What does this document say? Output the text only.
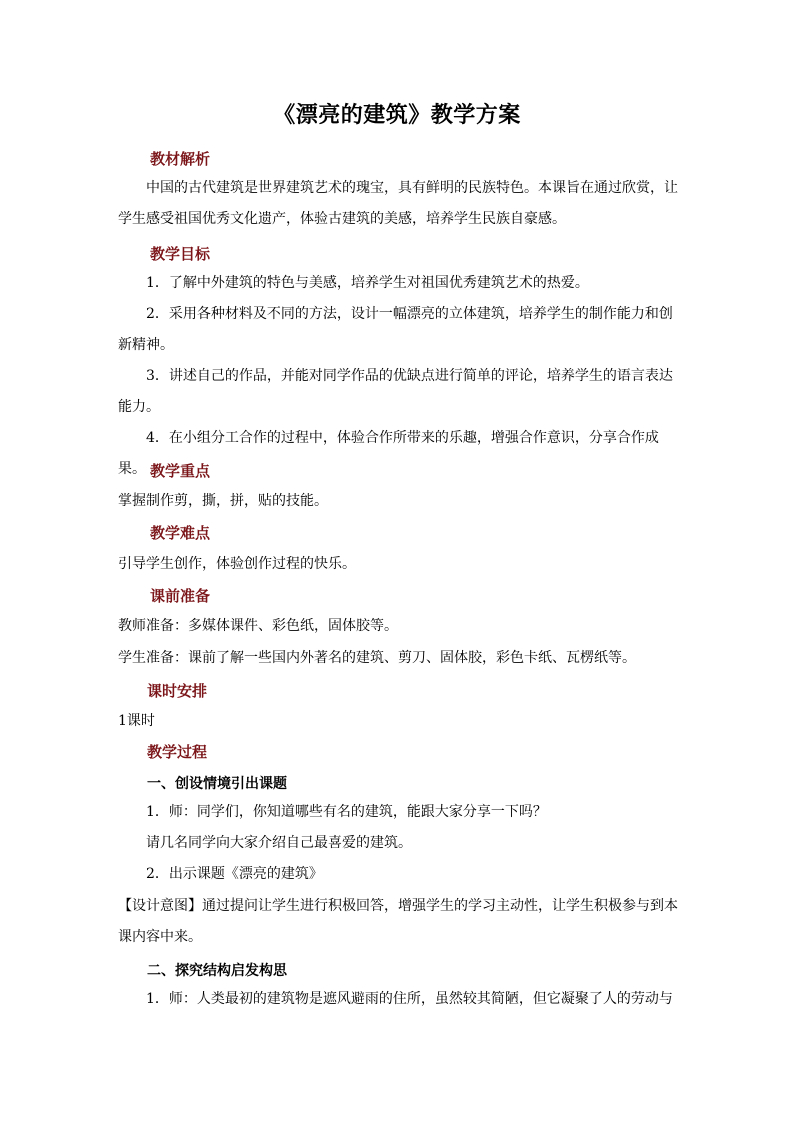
《漂亮的建筑》教学方案
教材解析
中国的古代建筑是世界建筑艺术的瑰宝，具有鲜明的民族特色。本课旨在通过欣赏，让学生感受祖国优秀文化遗产，体验古建筑的美感，培养学生民族自豪感。
教学目标
1．了解中外建筑的特色与美感，培养学生对祖国优秀建筑艺术的热爱。
2．采用各种材料及不同的方法，设计一幅漂亮的立体建筑，培养学生的制作能力和创新精神。
3．讲述自己的作品，并能对同学作品的优缺点进行简单的评论，培养学生的语言表达能力。
4．在小组分工合作的过程中，体验合作所带来的乐趣，增强合作意识，分享合作成果。 教学重点
掌握制作剪，撕，拼，贴的技能。
教学难点
引导学生创作，体验创作过程的快乐。
课前准备
教师准备：多媒体课件、彩色纸，固体胶等。
学生准备：课前了解一些国内外著名的建筑、剪刀、固体胶，彩色卡纸、瓦楞纸等。
课时安排
1课时
教学过程
一、创设情境引出课题
1．师：同学们，你知道哪些有名的建筑，能跟大家分享一下吗？
请几名同学向大家介绍自己最喜爱的建筑。
2．出示课题《漂亮的建筑》
【设计意图】通过提问让学生进行积极回答，增强学生的学习主动性，让学生积极参与到本课内容中来。
二、探究结构启发构思
1．师：人类最初的建筑物是遮风避雨的住所，虽然较其简陋，但它凝聚了人的劳动与
